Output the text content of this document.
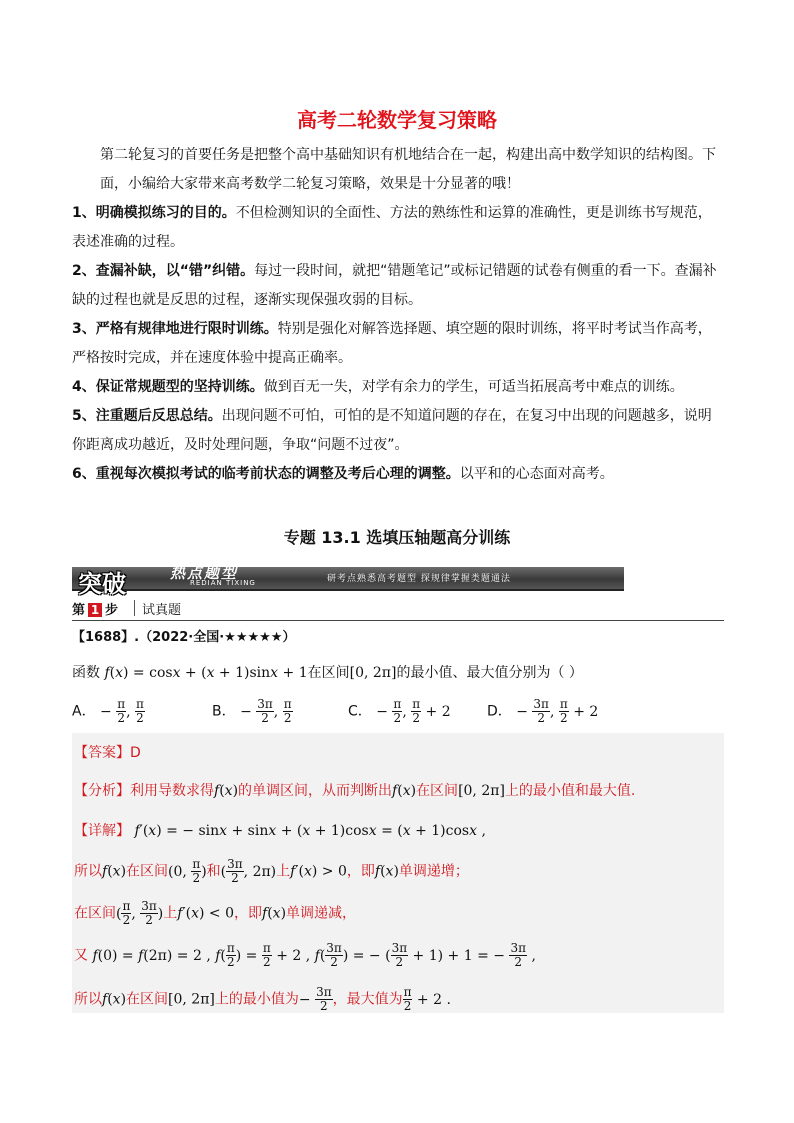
高考二轮数学复习策略
第二轮复习的首要任务是把整个高中基础知识有机地结合在一起，构建出高中数学知识的结构图。下面，小编给大家带来高考数学二轮复习策略，效果是十分显著的哦！
1、明确模拟练习的目的。不但检测知识的全面性、方法的熟练性和运算的准确性，更是训练书写规范，表述准确的过程。
2、查漏补缺，以“错”纠错。每过一段时间，就把“错题笔记”或标记错题的试卷有侧重的看一下。查漏补缺的过程也就是反思的过程，逐渐实现保强攻弱的目标。
3、严格有规律地进行限时训练。特别是强化对解答选择题、填空题的限时训练，将平时考试当作高考，严格按时完成，并在速度体验中提高正确率。
4、保证常规题型的坚持训练。做到百无一失，对学有余力的学生，可适当拓展高考中难点的训练。
5、注重题后反思总结。出现问题不可怕，可怕的是不知道问题的存在，在复习中出现的问题越多，说明你距离成功越近，及时处理问题，争取“问题不过夜”。
6、重视每次模拟考试的临考前状态的调整及考后心理的调整。以平和的心态面对高考。
专题 13.1 选填压轴题高分训练
突破	热点题型
REDIAN TIXING	研考点熟悉高考题型 探规律掌握类题通法
第 1 步 试真题
【1688】.（2022·全国·★★★★★）
函数 f(x) = cosx + (x + 1)sinx + 1在区间[0, 2π]的最小值、最大值分别为（ ）
A． − $\frac{\pi}{2}$ , $\frac{\pi}{2}$	B． − $\frac{3\pi}{2}$ , $\frac{\pi}{2}$	C． − $\frac{\pi}{2}$ , $\frac{\pi}{2} + 2$	D． − $\frac{3\pi}{2}$ , $\frac{\pi}{2} + 2$
【答案】D
【分析】利用导数求得f(x)的单调区间，从而判断出f(x)在区间[0, 2π]上的最小值和最大值.
【详解】 f′(x) = − sinx + sinx + (x + 1)cosx = (x + 1)cosx ,
所以f(x)在区间(0, $\frac{\pi}{2}$ )和( $\frac{3\pi}{2}$ , 2π)上f′(x) > 0，即f(x)单调递增；
在区间( $\frac{\pi}{2}$ , $\frac{3\pi}{2}$ )上f′(x) < 0，即f(x)单调递减，
又 f(0) = f(2π) = 2 , $f( \frac{\pi}{2}$ ) = $\frac{\pi}{2} + 2$ , $f( \frac{3\pi}{2}$ ) = − ( $\frac{3\pi}{2} + 1) + 1$ = − $\frac{3\pi}{2}$ ,
所以f(x)在区间[0, 2π]上的最小值为− $\frac{3\pi}{2}$ ，最大值为 $\frac{\pi}{2} + 2$ .
